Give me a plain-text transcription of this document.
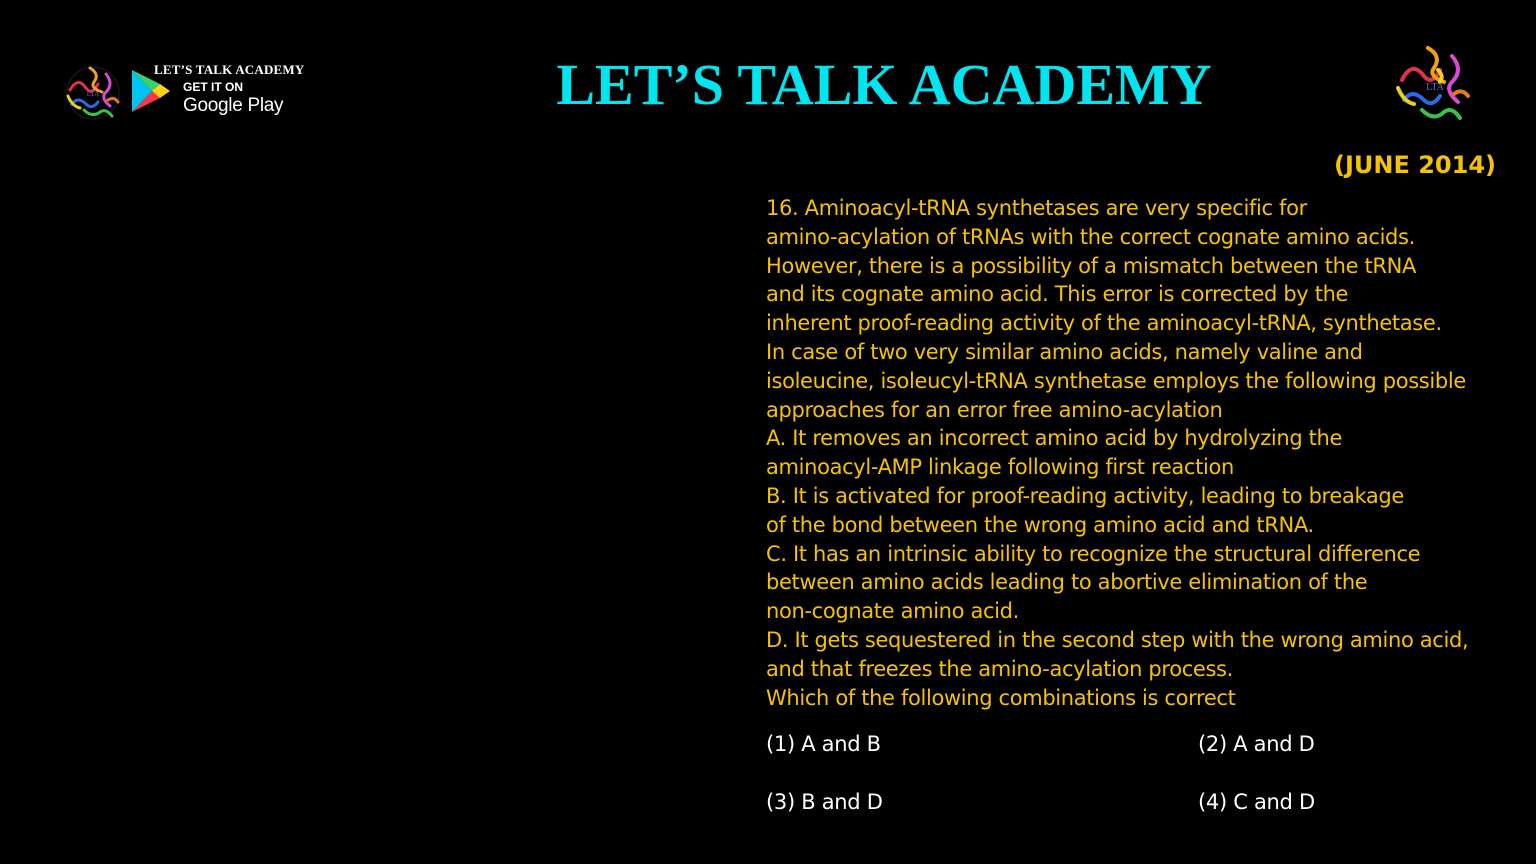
LTA
LET’S TALK ACADEMY
GET IT ON
Google Play	LET’S TALK ACADEMY	LTA
(JUNE 2014)
16. Aminoacyl-tRNA synthetases are very specific for
amino-acylation of tRNAs with the correct cognate amino acids.
However, there is a possibility of a mismatch between the tRNA
and its cognate amino acid. This error is corrected by the
inherent proof-reading activity of the aminoacyl-tRNA, synthetase.
In case of two very similar amino acids, namely valine and
isoleucine, isoleucyl-tRNA synthetase employs the following possible
approaches for an error free amino-acylation
A. It removes an incorrect amino acid by hydrolyzing the
aminoacyl-AMP linkage following first reaction
B. It is activated for proof-reading activity, leading to breakage
of the bond between the wrong amino acid and tRNA.
C. It has an intrinsic ability to recognize the structural difference
between amino acids leading to abortive elimination of the
non-cognate amino acid.
D. It gets sequestered in the second step with the wrong amino acid,
and that freezes the amino-acylation process.
Which of the following combinations is correct
(1) A and B	(2) A and D
(3) B and D	(4) C and D
